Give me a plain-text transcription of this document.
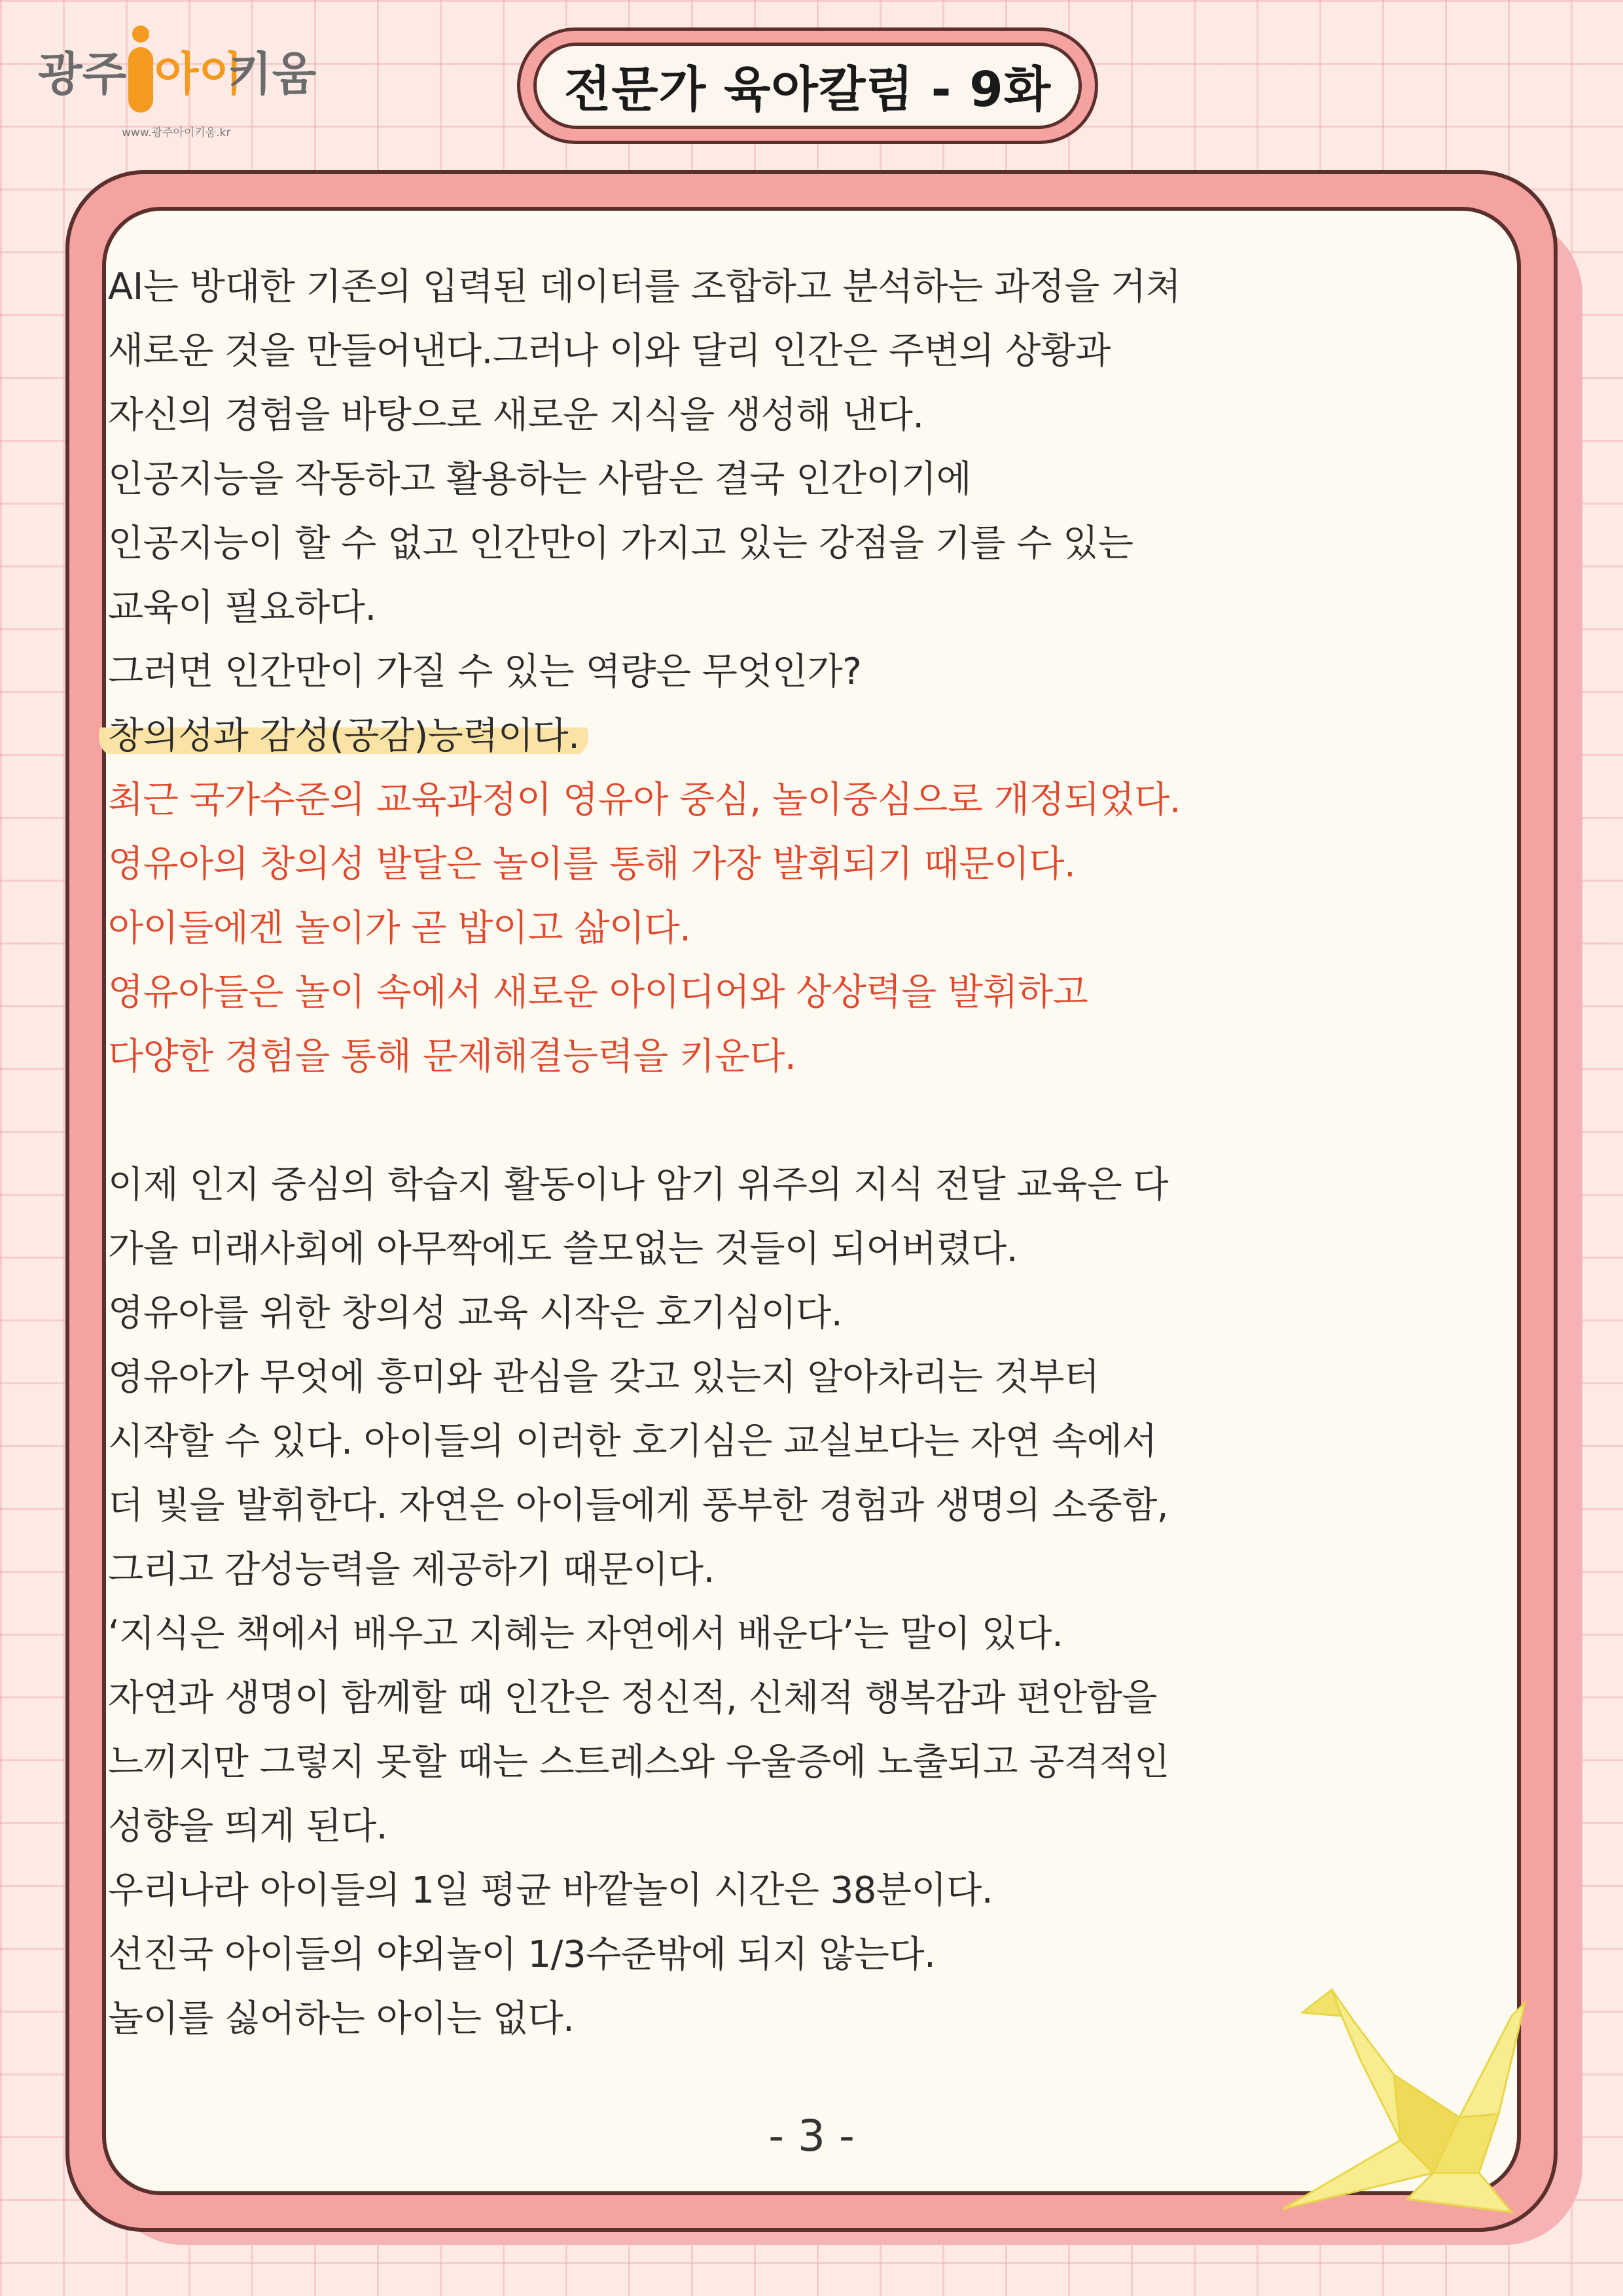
광주 아이
키움
www.광주아이키움.kr
전문가 육아칼럼 - 9화
AI는 방대한 기존의 입력된 데이터를 조합하고 분석하는 과정을 거쳐
새로운 것을 만들어낸다.그러나 이와 달리 인간은 주변의 상황과
자신의 경험을 바탕으로 새로운 지식을 생성해 낸다.
인공지능을 작동하고 활용하는 사람은 결국 인간이기에
인공지능이 할 수 없고 인간만이 가지고 있는 강점을 기를 수 있는
교육이 필요하다.
그러면 인간만이 가질 수 있는 역량은 무엇인가?
창의성과 감성(공감)능력이다.
최근 국가수준의 교육과정이 영유아 중심, 놀이중심으로 개정되었다.
영유아의 창의성 발달은 놀이를 통해 가장 발휘되기 때문이다.
아이들에겐 놀이가 곧 밥이고 삶이다.
영유아들은 놀이 속에서 새로운 아이디어와 상상력을 발휘하고
다양한 경험을 통해 문제해결능력을 키운다.
이제 인지 중심의 학습지 활동이나 암기 위주의 지식 전달 교육은 다
가올 미래사회에 아무짝에도 쓸모없는 것들이 되어버렸다.
영유아를 위한 창의성 교육 시작은 호기심이다.
영유아가 무엇에 흥미와 관심을 갖고 있는지 알아차리는 것부터
시작할 수 있다. 아이들의 이러한 호기심은 교실보다는 자연 속에서
더 빛을 발휘한다. 자연은 아이들에게 풍부한 경험과 생명의 소중함,
그리고 감성능력을 제공하기 때문이다.
‘지식은 책에서 배우고 지혜는 자연에서 배운다’는 말이 있다.
자연과 생명이 함께할 때 인간은 정신적, 신체적 행복감과 편안함을
느끼지만 그렇지 못할 때는 스트레스와 우울증에 노출되고 공격적인
성향을 띄게 된다.
우리나라 아이들의 1일 평균 바깥놀이 시간은 38분이다.
선진국 아이들의 야외놀이 1/3수준밖에 되지 않는다.
놀이를 싫어하는 아이는 없다.
- 3 -
